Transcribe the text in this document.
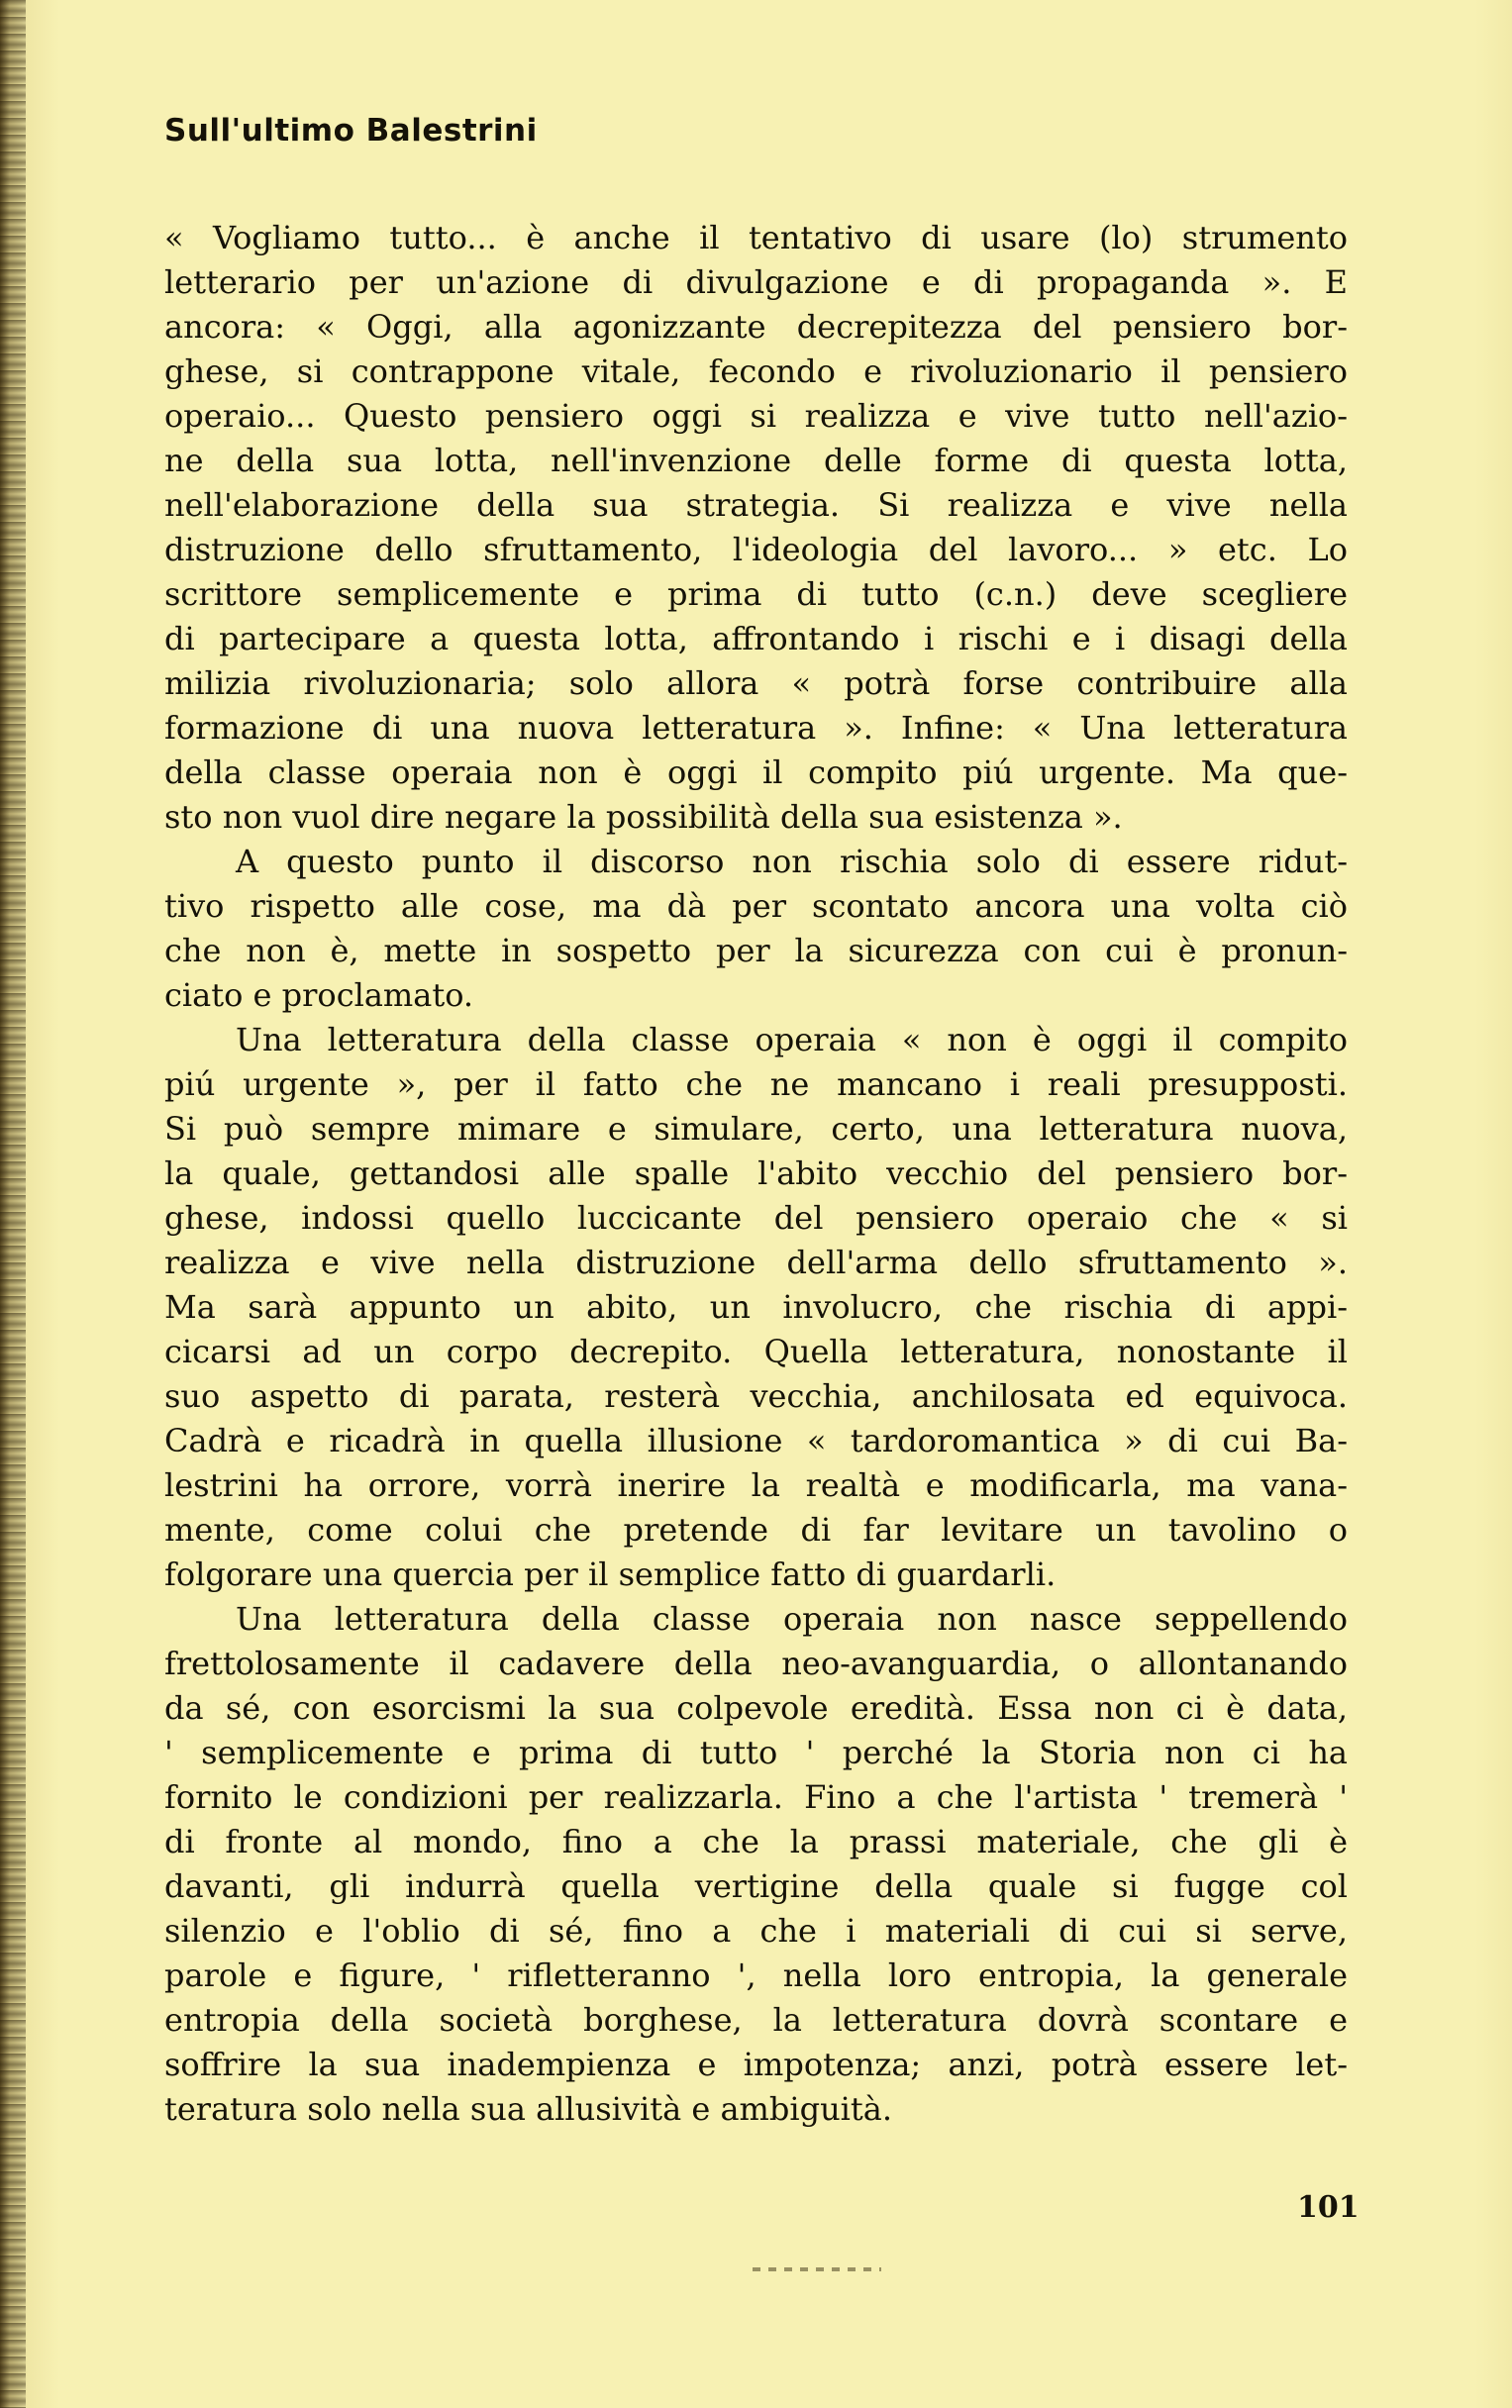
Sull'ultimo Balestrini
« Vogliamo tutto... è anche il tentativo di usare (lo) strumento
letterario per un'azione di divulgazione e di propaganda ». E
ancora: « Oggi, alla agonizzante decrepitezza del pensiero bor-
ghese, si contrappone vitale, fecondo e rivoluzionario il pensiero
operaio... Questo pensiero oggi si realizza e vive tutto nell'azio-
ne della sua lotta, nell'invenzione delle forme di questa lotta,
nell'elaborazione della sua strategia. Si realizza e vive nella
distruzione dello sfruttamento, l'ideologia del lavoro... » etc. Lo
scrittore semplicemente e prima di tutto (c.n.) deve scegliere
di partecipare a questa lotta, affrontando i rischi e i disagi della
milizia rivoluzionaria; solo allora « potrà forse contribuire alla
formazione di una nuova letteratura ». Infine: « Una letteratura
della classe operaia non è oggi il compito piú urgente. Ma que-
sto non vuol dire negare la possibilità della sua esistenza ».
A questo punto il discorso non rischia solo di essere ridut-
tivo rispetto alle cose, ma dà per scontato ancora una volta ciò
che non è, mette in sospetto per la sicurezza con cui è pronun-
ciato e proclamato.
Una letteratura della classe operaia « non è oggi il compito
piú urgente », per il fatto che ne mancano i reali presupposti.
Si può sempre mimare e simulare, certo, una letteratura nuova,
la quale, gettandosi alle spalle l'abito vecchio del pensiero bor-
ghese, indossi quello luccicante del pensiero operaio che « si
realizza e vive nella distruzione dell'arma dello sfruttamento ».
Ma sarà appunto un abito, un involucro, che rischia di appi-
cicarsi ad un corpo decrepito. Quella letteratura, nonostante il
suo aspetto di parata, resterà vecchia, anchilosata ed equivoca.
Cadrà e ricadrà in quella illusione « tardoromantica » di cui Ba-
lestrini ha orrore, vorrà inerire la realtà e modificarla, ma vana-
mente, come colui che pretende di far levitare un tavolino o
folgorare una quercia per il semplice fatto di guardarli.
Una letteratura della classe operaia non nasce seppellendo
frettolosamente il cadavere della neo-avanguardia, o allontanando
da sé, con esorcismi la sua colpevole eredità. Essa non ci è data,
' semplicemente e prima di tutto ' perché la Storia non ci ha
fornito le condizioni per realizzarla. Fino a che l'artista ' tremerà '
di fronte al mondo, fino a che la prassi materiale, che gli è
davanti, gli indurrà quella vertigine della quale si fugge col
silenzio e l'oblio di sé, fino a che i materiali di cui si serve,
parole e figure, ' rifletteranno ', nella loro entropia, la generale
entropia della società borghese, la letteratura dovrà scontare e
soffrire la sua inadempienza e impotenza; anzi, potrà essere let-
teratura solo nella sua allusività e ambiguità.
101
